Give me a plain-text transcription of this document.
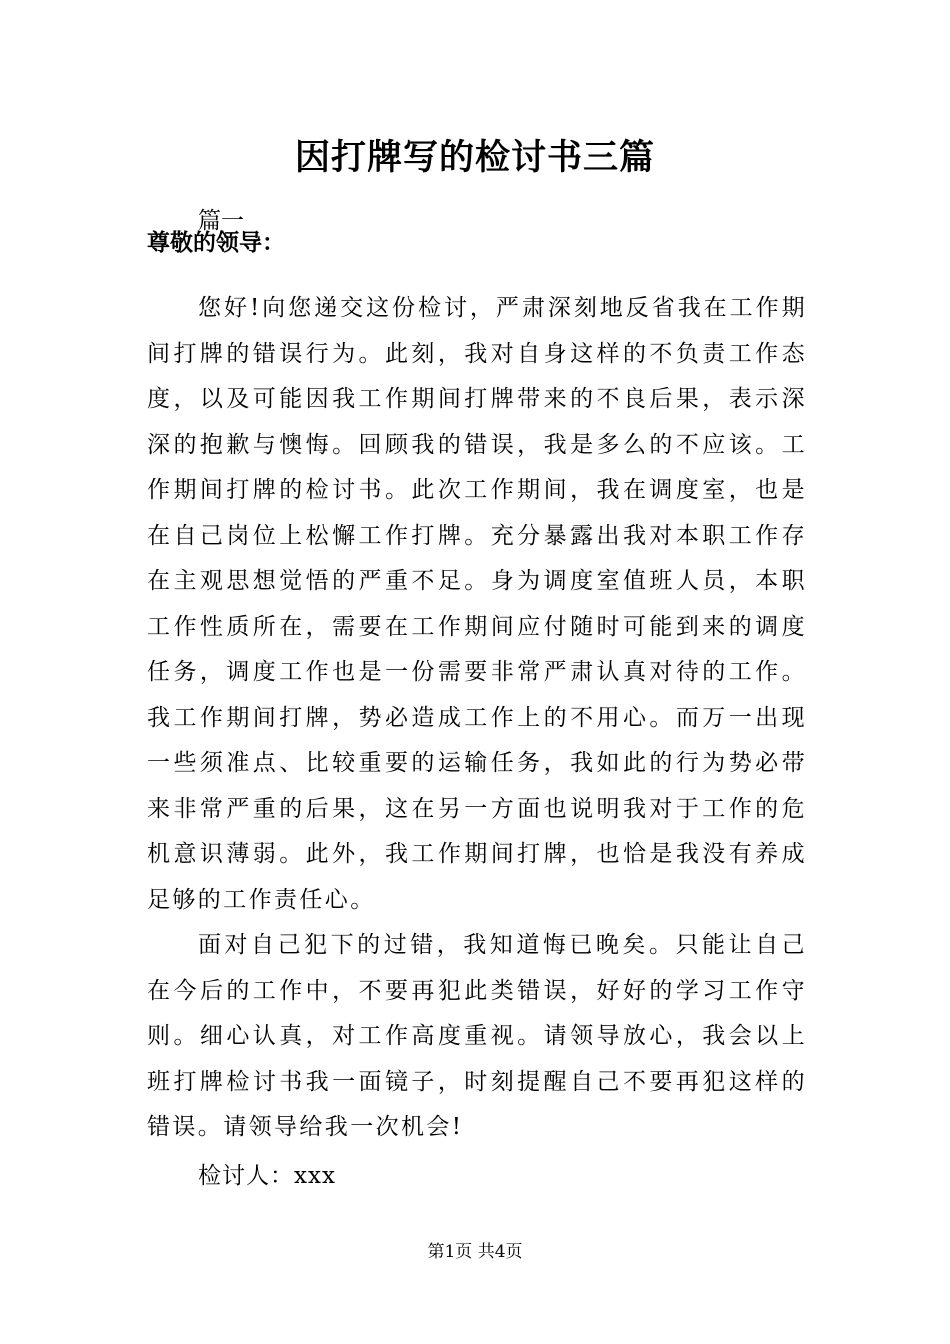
因打牌写的检讨书三篇

篇一

尊敬的领导：

您好!向您递交这份检讨，严肃深刻地反省我在工作期间打牌的错误行为。此刻，我对自身这样的不负责工作态度，以及可能因我工作期间打牌带来的不良后果，表示深深的抱歉与懊悔。回顾我的错误，我是多么的不应该。工作期间打牌的检讨书。此次工作期间，我在调度室，也是在自己岗位上松懈工作打牌。充分暴露出我对本职工作存在主观思想觉悟的严重不足。身为调度室值班人员，本职工作性质所在，需要在工作期间应付随时可能到来的调度任务，调度工作也是一份需要非常严肃认真对待的工作。我工作期间打牌，势必造成工作上的不用心。而万一出现一些须准点、比较重要的运输任务，我如此的行为势必带来非常严重的后果，这在另一方面也说明我对于工作的危机意识薄弱。此外，我工作期间打牌，也恰是我没有养成足够的工作责任心。

面对自己犯下的过错，我知道悔已晚矣。只能让自己在今后的工作中，不要再犯此类错误，好好的学习工作守则。细心认真，对工作高度重视。请领导放心，我会以上班打牌检讨书我一面镜子，时刻提醒自己不要再犯这样的错误。请领导给我一次机会!

检讨人：xxx

第1页 共4页
